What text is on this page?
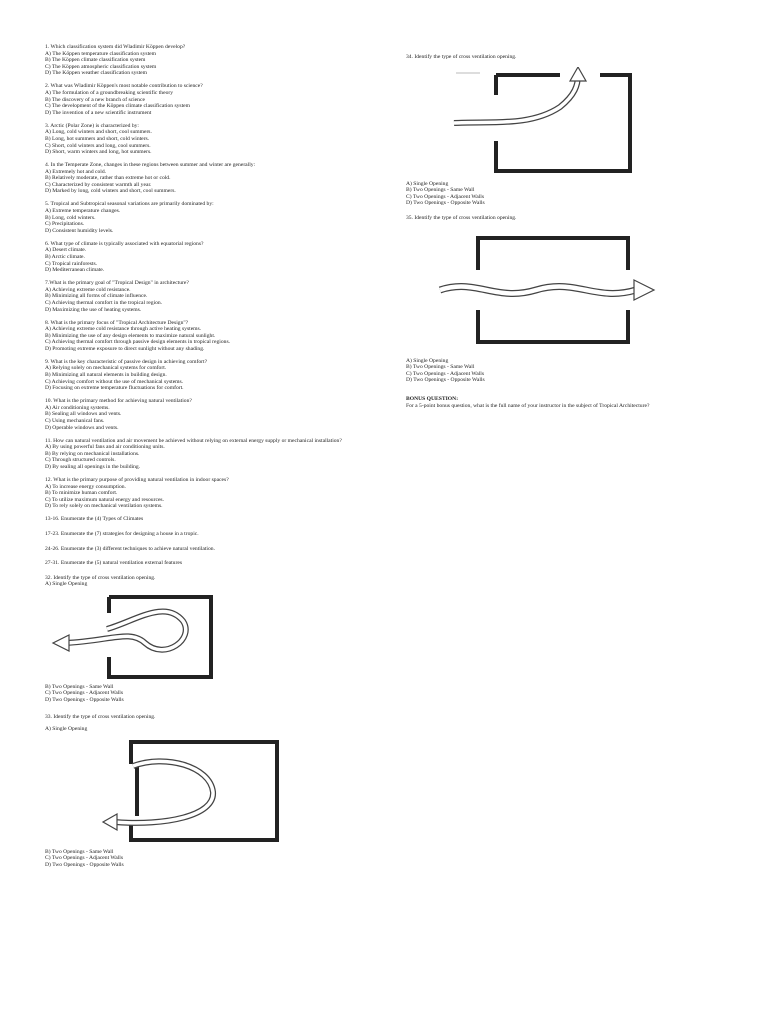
1. Which classification system did Wladimir Köppen develop?

A) The Köppen temperature classification system

B) The Köppen climate classification system

C) The Köppen atmospheric classification system

D) The Köppen weather classification system

2. What was Wladimir Köppen's most notable contribution to science?

A) The formulation of a groundbreaking scientific theory

B) The discovery of a new branch of science

C) The development of the Köppen climate classification system

D) The invention of a new scientific instrument

3. Arctic (Polar Zone) is characterized by:

A) Long, cold winters and short, cool summers.

B) Long, hot summers and short, cold winters.

C) Short, cold winters and long, cool summers.

D) Short, warm winters and long, hot summers.

4. In the Temperate Zone, changes in these regions between summer and winter are generally:

A) Extremely hot and cold.

B) Relatively moderate, rather than extreme hot or cold.

C) Characterized by consistent warmth all year.

D) Marked by long, cold winters and short, cool summers.

5. Tropical and Subtropical seasonal variations are primarily dominated by:

A) Extreme temperature changes.

B) Long, cold winters.

C) Precipitations.

D) Consistent humidity levels.

6. What type of climate is typically associated with equatorial regions?

A) Desert climate.

B) Arctic climate.

C) Tropical rainforests.

D) Mediterranean climate.

7.What is the primary goal of "Tropical Design" in architecture?

A) Achieving extreme cold resistance.

B) Minimizing all forms of climate influence.

C) Achieving thermal comfort in the tropical region.

D) Maximizing the use of heating systems.

8. What is the primary focus of "Tropical Architecture Design"?

A) Achieving extreme cold resistance through active heating systems.

B) Minimizing the use of any design elements to maximize natural sunlight.

C) Achieving thermal comfort through passive design elements in tropical regions.

D) Promoting extreme exposure to direct sunlight without any shading.

9. What is the key characteristic of passive design in achieving comfort?

A) Relying solely on mechanical systems for comfort.

B) Minimizing all natural elements in building design.

C) Achieving comfort without the use of mechanical systems.

D) Focusing on extreme temperature fluctuations for comfort.

10. What is the primary method for achieving natural ventilation?

A) Air conditioning systems.

B) Sealing all windows and vents.

C) Using mechanical fans.

D) Operable windows and vents.

11. How can natural ventilation and air movement be achieved without relying on external energy supply or mechanical installation?

A) By using powerful fans and air conditioning units.

B) By relying on mechanical installations.

C) Through structured controls.

D) By sealing all openings in the building.

12. What is the primary purpose of providing natural ventilation in indoor spaces?

A) To increase energy consumption.

B) To minimize human comfort.

C) To utilize maximum natural energy and resources.

D) To rely solely on mechanical ventilation systems.

13-16. Enumerate the (4) Types of Climates

17-23. Enumerate the (7) strategies for designing a house in a tropic.

24-26. Enumerate the (3) different techniques to achieve natural ventilation.

27-31. Enumerate the (5) natural ventilation external features

32. Identify the type of cross ventilation opening.

A) Single Opening

B) Two Openings - Same Wall

C) Two Openings - Adjacent Walls

D) Two Openings - Opposite Walls

33. Identify the type of cross ventilation opening.

A) Single Opening

B) Two Openings - Same Wall

C) Two Openings - Adjacent Walls

D) Two Openings - Opposite Walls

34. Identify the type of cross ventilation opening.

A) Single Opening

B) Two Openings - Same Wall

C) Two Openings - Adjacent Walls

D) Two Openings - Opposite Walls

35. Identify the type of cross ventilation opening.

A) Single Opening

B) Two Openings - Same Wall

C) Two Openings - Adjacent Walls

D) Two Openings - Opposite Walls

BONUS QUESTION:

For a 5-point bonus question, what is the full name of your instructor in the subject of Tropical Architecture?
